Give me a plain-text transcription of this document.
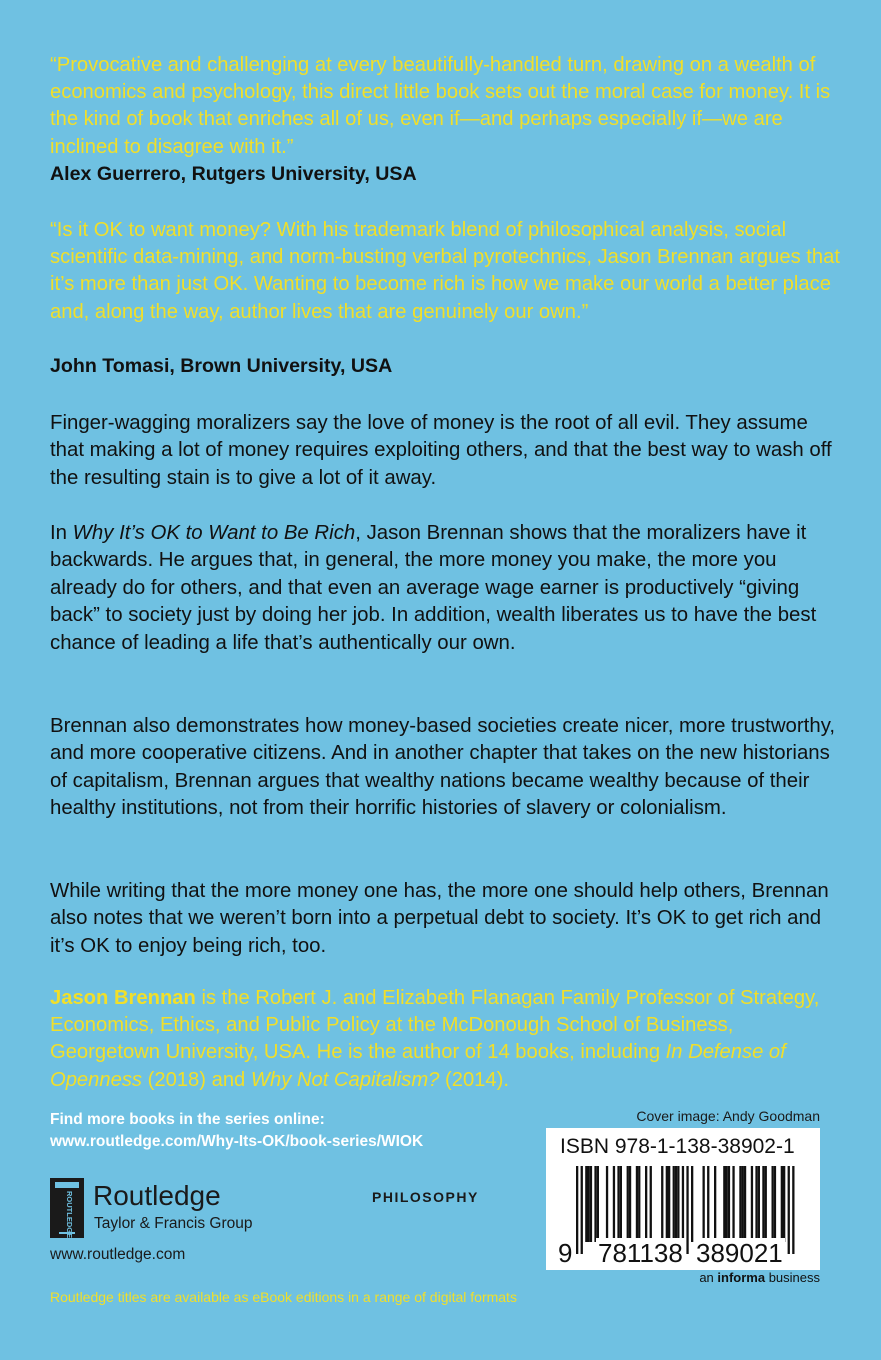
“Provocative and challenging at every beautifully-handled turn, drawing on a wealth of economics and psychology, this direct little book sets out the moral case for money. It is the kind of book that enriches all of us, even if—and perhaps especially if—we are inclined to disagree with it.”
Alex Guerrero, Rutgers University, USA
“Is it OK to want money? With his trademark blend of philosophical analysis, social scientific data-mining, and norm-busting verbal pyrotechnics, Jason Brennan argues that it’s more than just OK. Wanting to become rich is how we make our world a better place and, along the way, author lives that are genuinely our own.”
John Tomasi, Brown University, USA
Finger-wagging moralizers say the love of money is the root of all evil. They assume that making a lot of money requires exploiting others, and that the best way to wash off the resulting stain is to give a lot of it away.
In Why It’s OK to Want to Be Rich, Jason Brennan shows that the moralizers have it backwards. He argues that, in general, the more money you make, the more you already do for others, and that even an average wage earner is productively “giving back” to society just by doing her job. In addition, wealth liberates us to have the best chance of leading a life that’s authentically our own.
Brennan also demonstrates how money-based societies create nicer, more trustworthy, and more cooperative citizens. And in another chapter that takes on the new historians of capitalism, Brennan argues that wealthy nations became wealthy because of their healthy institutions, not from their horrific histories of slavery or colonialism.
While writing that the more money one has, the more one should help others, Brennan also notes that we weren’t born into a perpetual debt to society. It’s OK to get rich and it’s OK to enjoy being rich, too.
Jason Brennan is the Robert J. and Elizabeth Flanagan Family Professor of Strategy, Economics, Ethics, and Public Policy at the McDonough School of Business, Georgetown University, USA. He is the author of 14 books, including In Defense of Openness (2018) and Why Not Capitalism? (2014).
Find more books in the series online:
www.routledge.com/Why-Its-OK/book-series/WIOK
Cover image: Andy Goodman
ROUTLEDGE Routledge
Taylor & Francis Group
www.routledge.com
PHILOSOPHY
ISBN 978-1-138-38902-1
9 781138 389021
an informa business
Routledge titles are available as eBook editions in a range of digital formats
